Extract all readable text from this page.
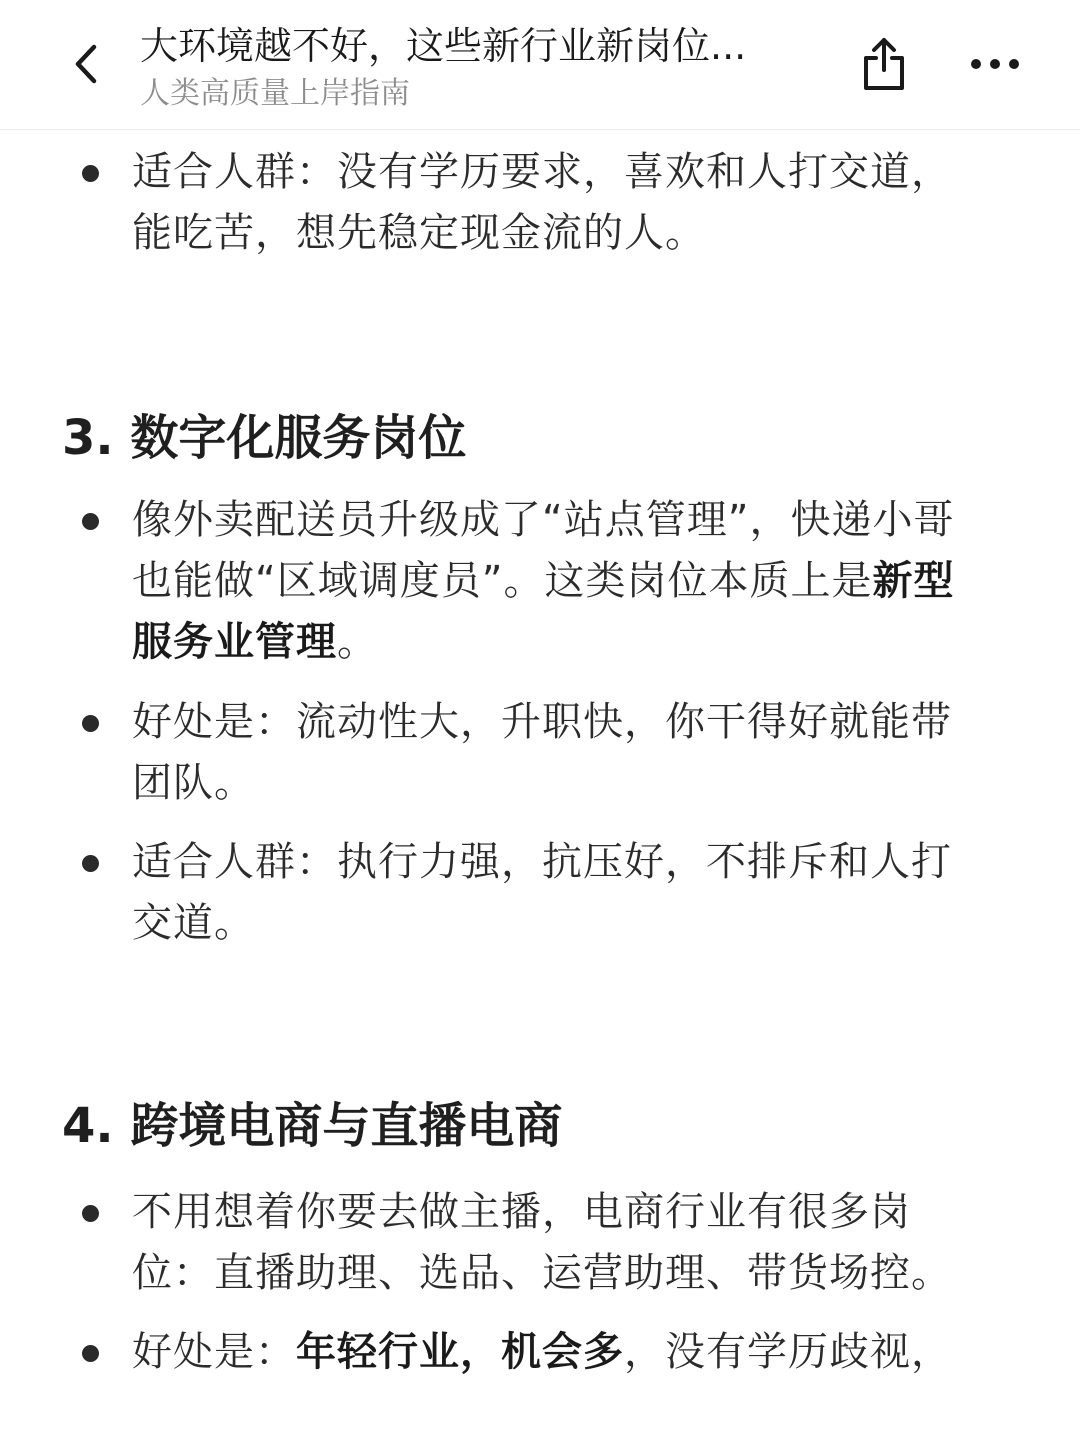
大环境越不好，这些新行业新岗位...
人类高质量上岸指南
适合人群：没有学历要求，喜欢和人打交道，能吃苦，想先稳定现金流的人。
3. 数字化服务岗位
像外卖配送员升级成了“站点管理”，快递小哥也能做“区域调度员”。这类岗位本质上是新型服务业管理。
好处是：流动性大，升职快，你干得好就能带团队。
适合人群：执行力强，抗压好，不排斥和人打交道。
4. 跨境电商与直播电商
不用想着你要去做主播，电商行业有很多岗位：直播助理、选品、运营助理、带货场控。
好处是：年轻行业，机会多，没有学历歧视，
